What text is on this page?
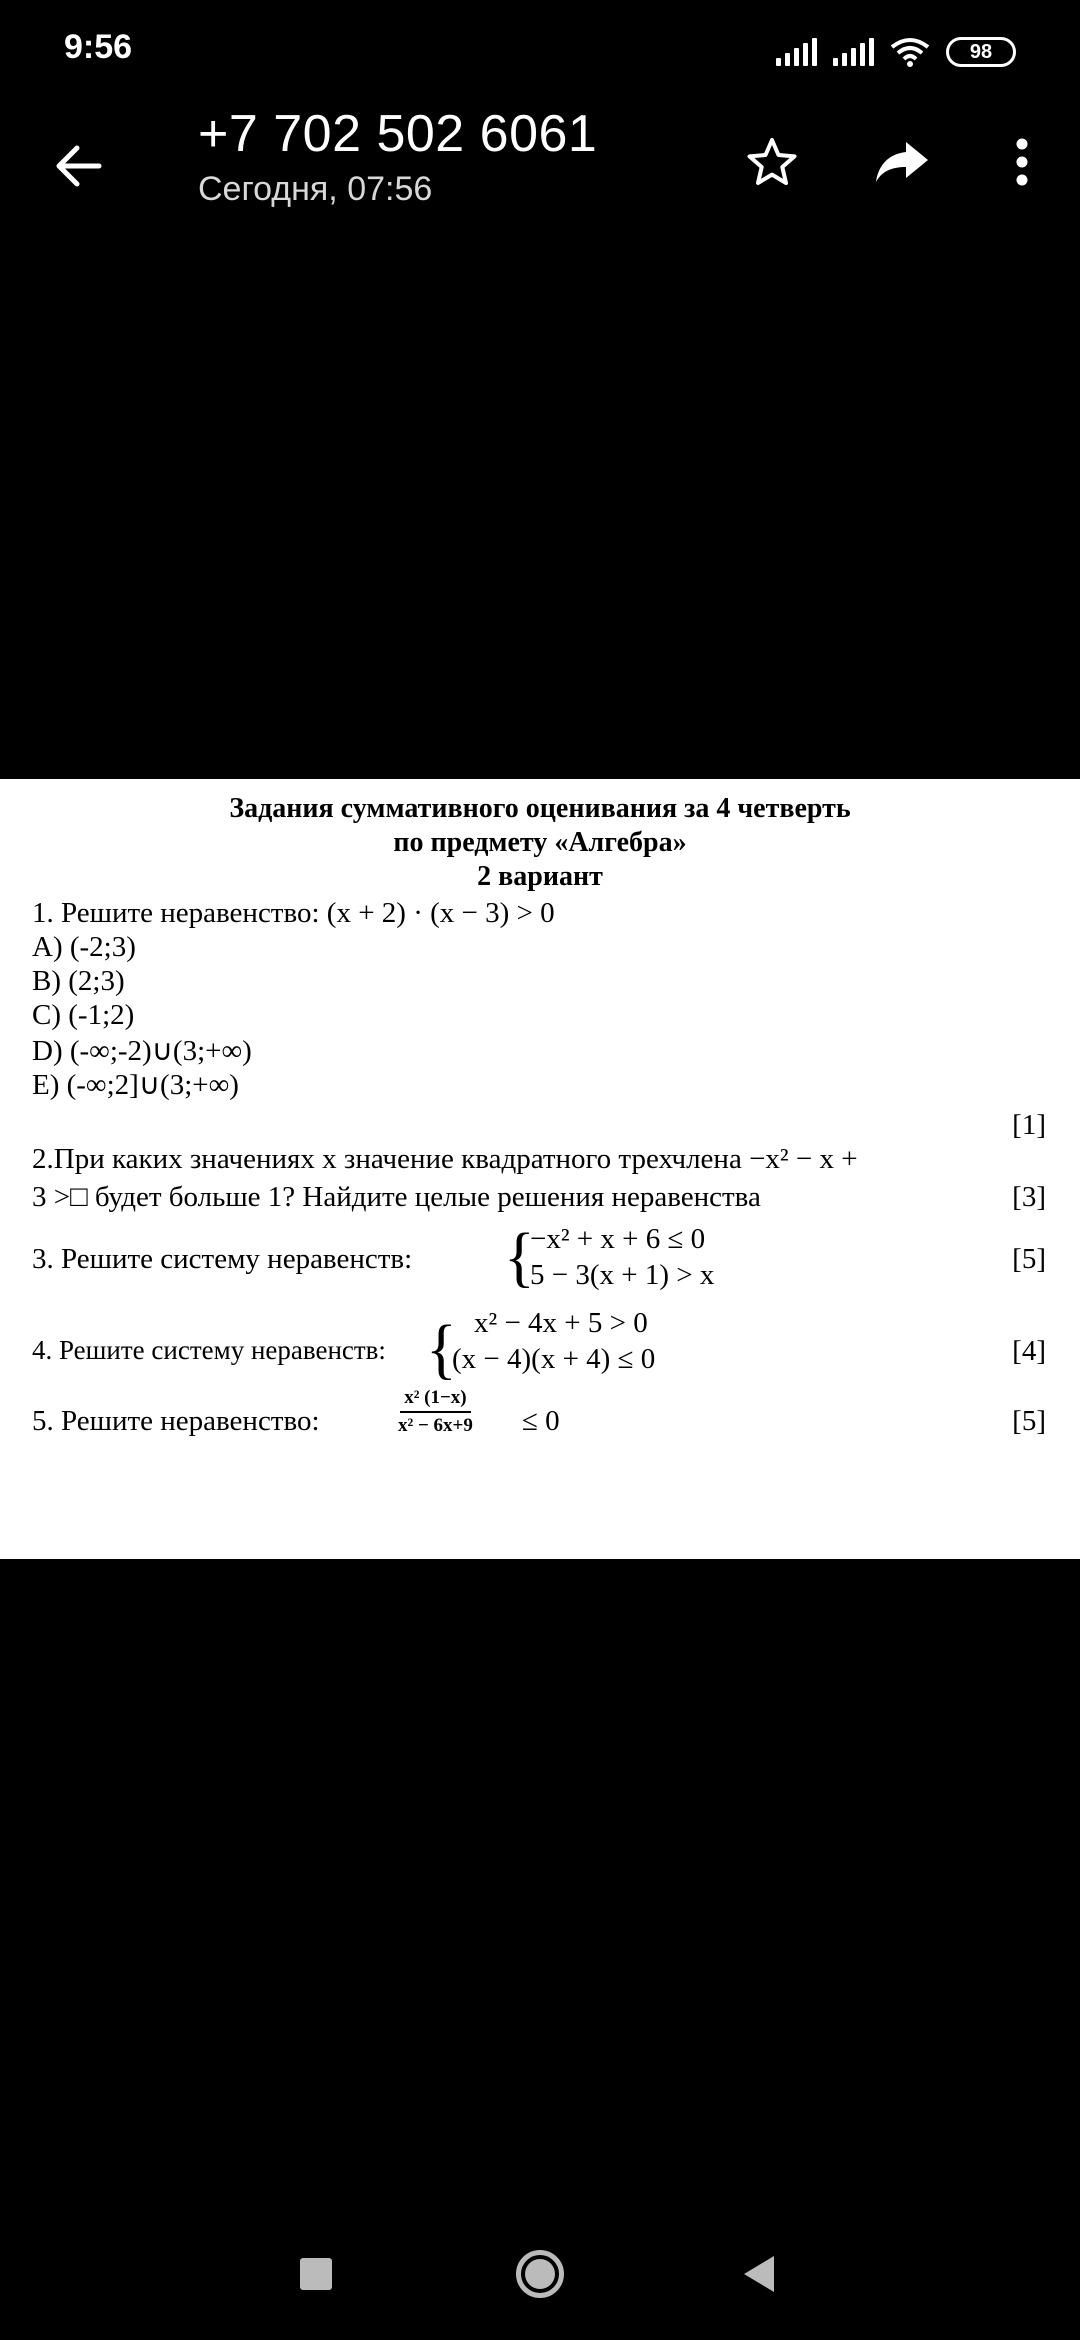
9:56	98
+7 702 502 6061
Сегодня, 07:56
Задания суммативного оценивания за 4 четверть
по предмету «Алгебра»
2 вариант
1. Решите неравенство: (x + 2) · (x − 3) > 0
A) (-2;3)
B) (2;3)
C) (-1;2)
D) (-∞;-2)∪(3;+∞)
E) (-∞;2]∪(3;+∞)
[1]
2.При каких значениях x значение квадратного трехчлена −x² − x +
3 >□ будет больше 1? Найдите целые решения неравенства	[3]
3. Решите систему неравенств: {
−x² + x + 6 ≤ 0
5 − 3(x + 1) > x	[5]
4. Решите систему неравенств: { x² − 4x + 5 > 0
(x − 4)(x + 4) ≤ 0	[4]
5. Решите неравенство:	$\frac{\text{x² (1−x)}}{\text{x² − 6x+9}} \le 0$	[5]
